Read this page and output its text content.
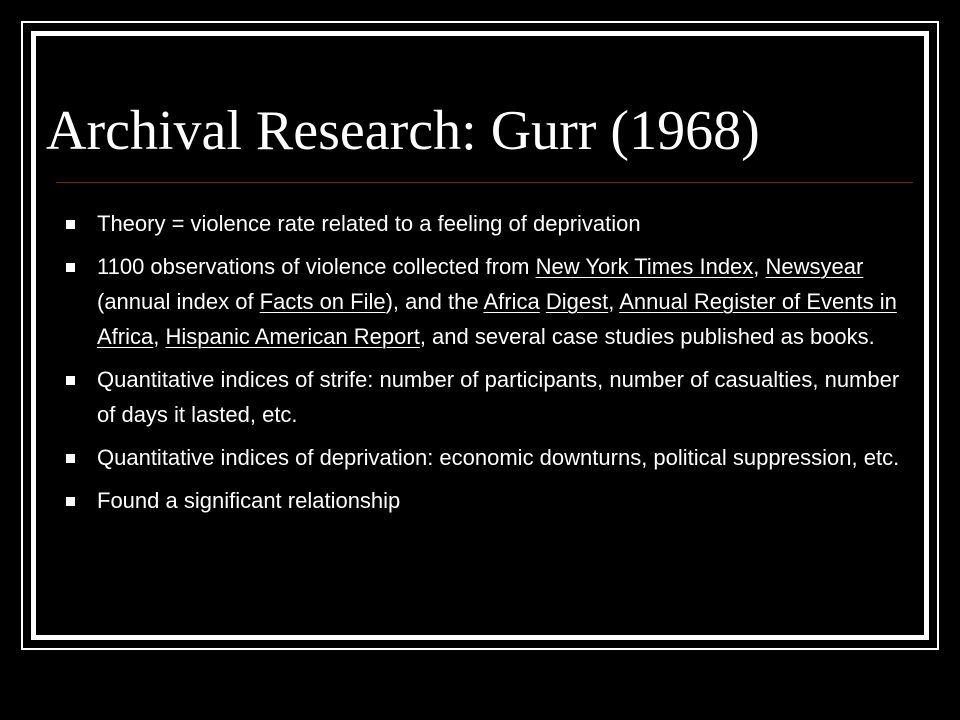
Archival Research: Gurr (1968)
Theory = violence rate related to a feeling of deprivation
1100 observations of violence collected from New York Times Index, Newsyear (annual index of Facts on File), and the Africa Digest, Annual Register of Events in Africa, Hispanic American Report, and several case studies published as books.
Quantitative indices of strife: number of participants, number of casualties, number of days it lasted, etc.
Quantitative indices of deprivation: economic downturns, political suppression, etc.
Found a significant relationship
